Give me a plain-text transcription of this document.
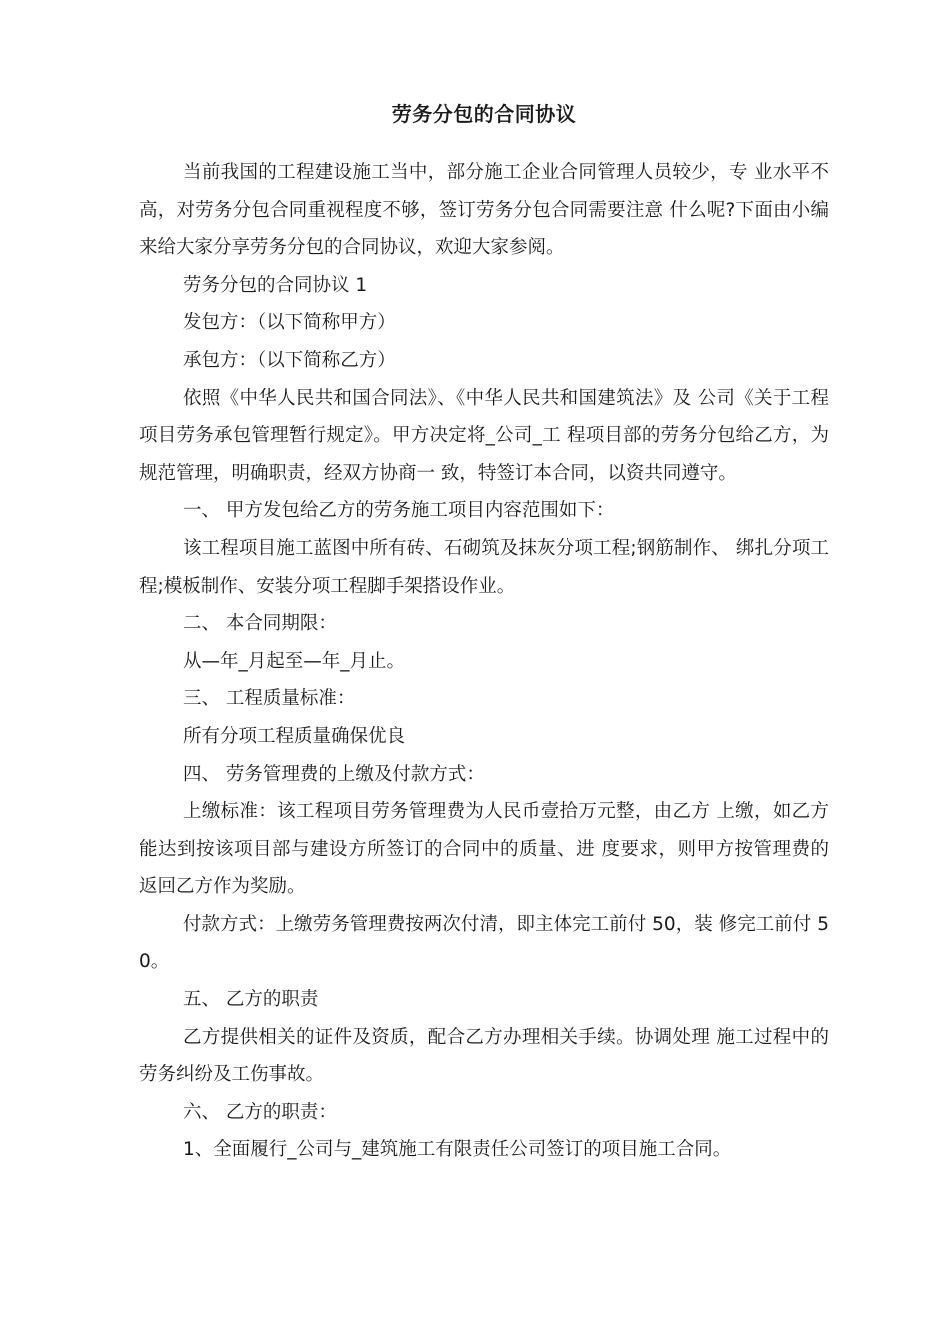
劳务分包的合同协议

当前我国的工程建设施工当中，部分施工企业合同管理人员较少，专 业水平不高，对劳务分包合同重视程度不够，签订劳务分包合同需要注意 什么呢?下面由小编来给大家分享劳务分包的合同协议，欢迎大家参阅。

劳务分包的合同协议 1

发包方：（以下简称甲方）

承包方：（以下简称乙方）

依照《中华人民共和国合同法》、《中华人民共和国建筑法》及 公司《关于工程项目劳务承包管理暂行规定》。甲方决定将_公司_工 程项目部的劳务分包给乙方，为规范管理，明确职责，经双方协商一 致，特签订本合同，以资共同遵守。

一、 甲方发包给乙方的劳务施工项目内容范围如下：

该工程项目施工蓝图中所有砖、石砌筑及抹灰分项工程;钢筋制作、 绑扎分项工程;模板制作、安装分项工程脚手架搭设作业。

二、 本合同期限：

从—年_月起至—年_月止。

三、 工程质量标准：

所有分项工程质量确保优良

四、 劳务管理费的上缴及付款方式：

上缴标准：该工程项目劳务管理费为人民币壹拾万元整，由乙方 上缴，如乙方能达到按该项目部与建设方所签订的合同中的质量、进 度要求，则甲方按管理费的返回乙方作为奖励。

付款方式：上缴劳务管理费按两次付清，即主体完工前付 50，装 修完工前付 50。

五、 乙方的职责

乙方提供相关的证件及资质，配合乙方办理相关手续。协调处理 施工过程中的劳务纠纷及工伤事故。

六、 乙方的职责：

1、全面履行_公司与_建筑施工有限责任公司签订的项目施工合同。
